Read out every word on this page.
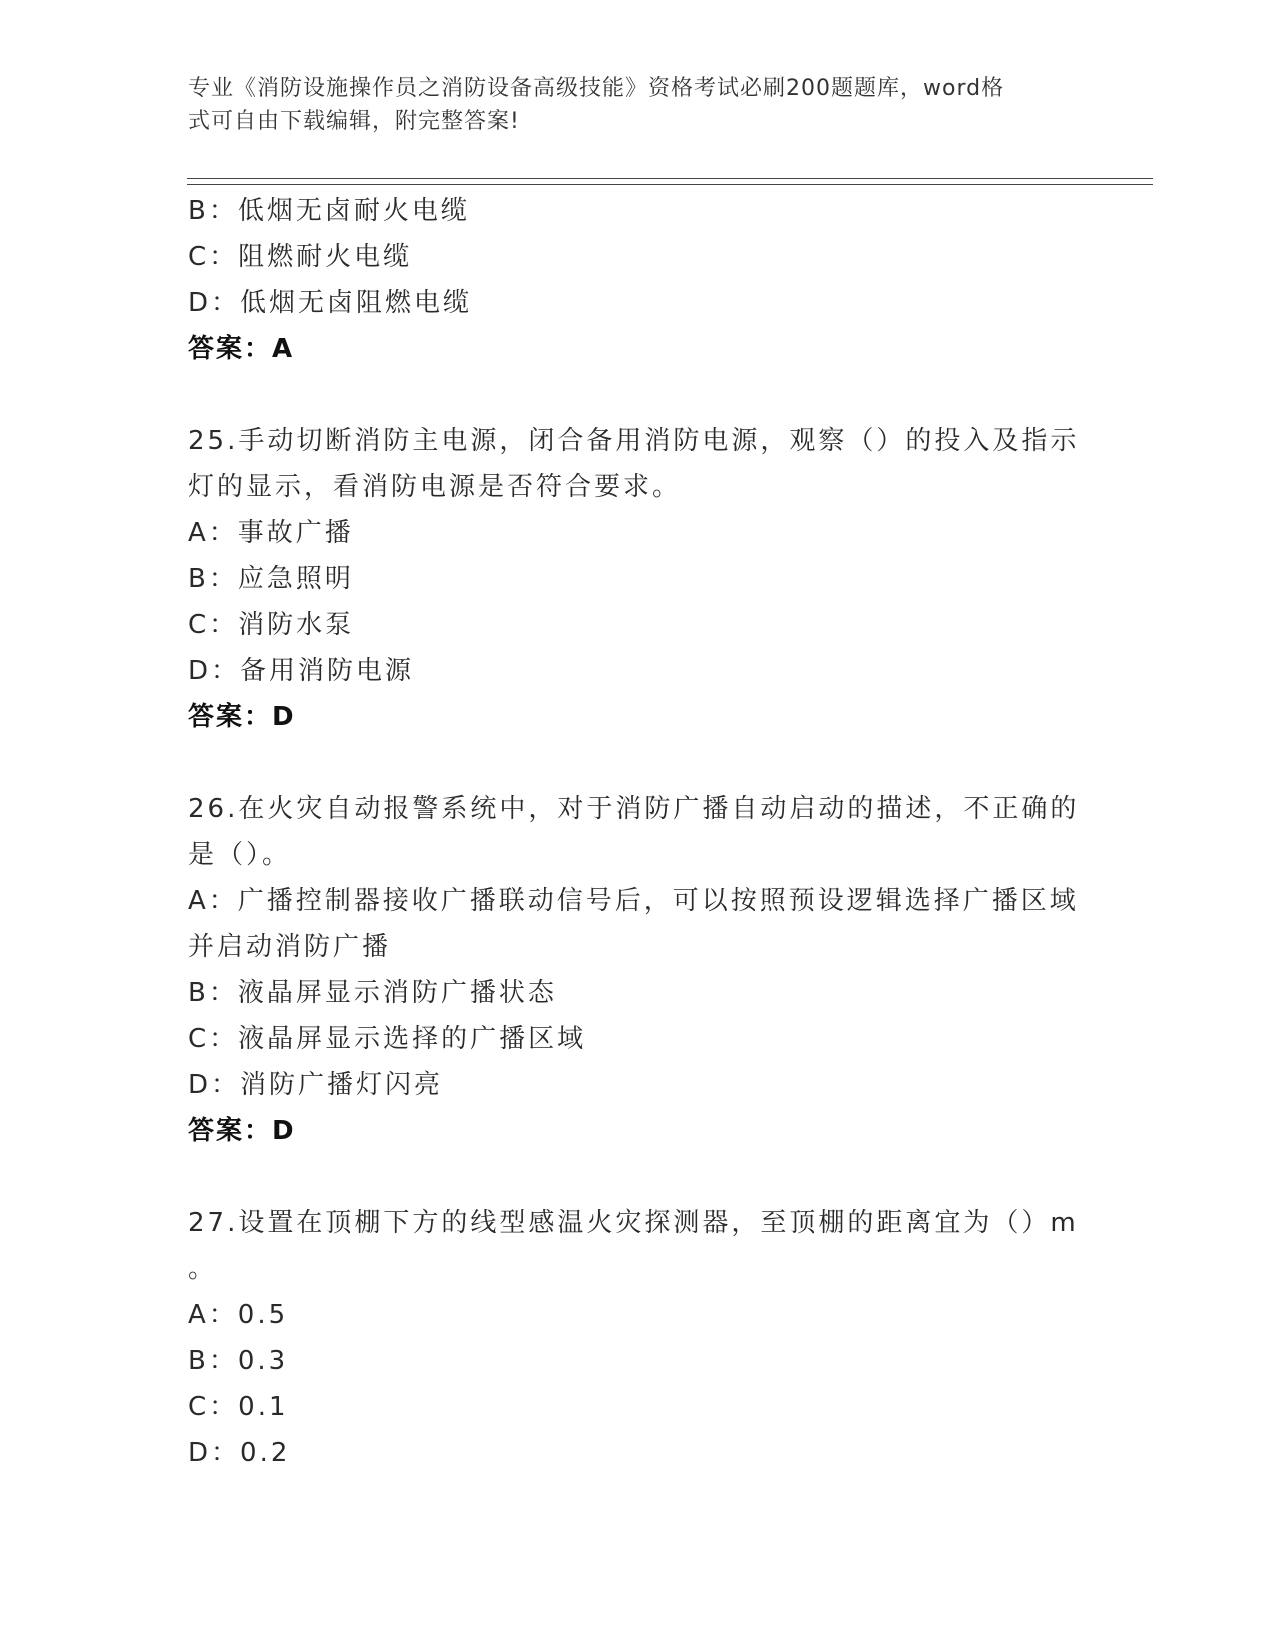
专业《消防设施操作员之消防设备高级技能》资格考试必刷200题题库，word格
式可自由下载编辑，附完整答案!
B：低烟无卤耐火电缆
C：阻燃耐火电缆
D：低烟无卤阻燃电缆
答案：A
25.手动切断消防主电源，闭合备用消防电源，观察（）的投入及指示
灯的显示，看消防电源是否符合要求。
A：事故广播
B：应急照明
C：消防水泵
D：备用消防电源
答案：D
26.在火灾自动报警系统中，对于消防广播自动启动的描述，不正确的
是（）。
A：广播控制器接收广播联动信号后，可以按照预设逻辑选择广播区域
并启动消防广播
B：液晶屏显示消防广播状态
C：液晶屏显示选择的广播区域
D：消防广播灯闪亮
答案：D
27.设置在顶棚下方的线型感温火灾探测器，至顶棚的距离宜为（）m
。
A：0.5
B：0.3
C：0.1
D：0.2
